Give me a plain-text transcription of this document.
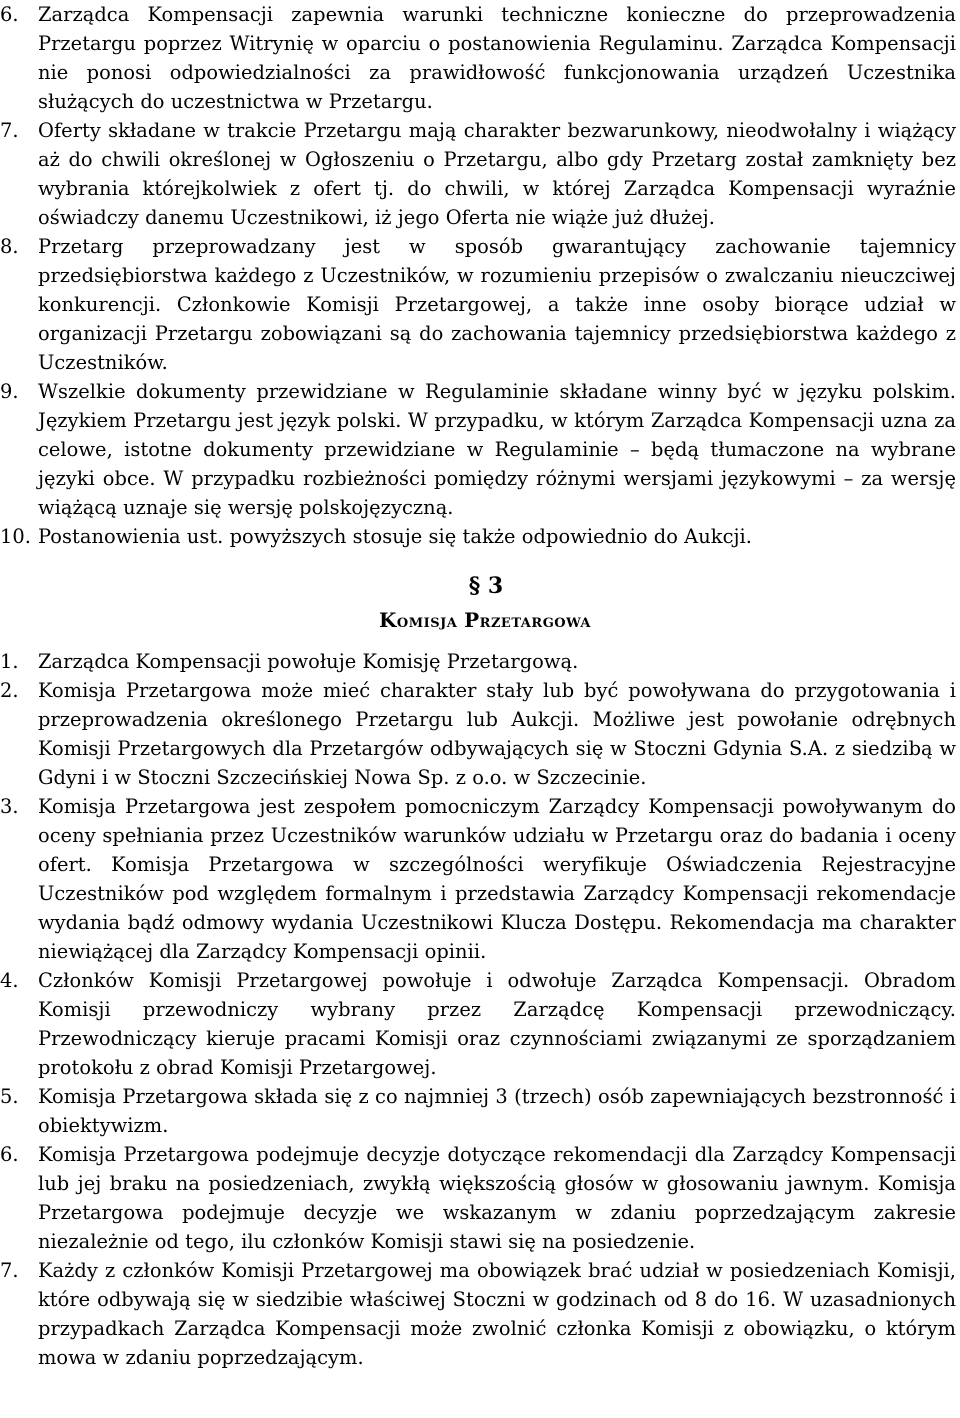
6. Zarządca Kompensacji zapewnia warunki techniczne konieczne do przeprowadzenia Przetargu poprzez Witrynię w oparciu o postanowienia Regulaminu. Zarządca Kompensacji nie ponosi odpowiedzialności za prawidłowość funkcjonowania urządzeń Uczestnika służących do uczestnictwa w Przetargu.
7. Oferty składane w trakcie Przetargu mają charakter bezwarunkowy, nieodwołalny i wiążący aż do chwili określonej w Ogłoszeniu o Przetargu, albo gdy Przetarg został zamknięty bez wybrania którejkolwiek z ofert tj. do chwili, w której Zarządca Kompensacji wyraźnie oświadczy danemu Uczestnikowi, iż jego Oferta nie wiąże już dłużej.
8. Przetarg przeprowadzany jest w sposób gwarantujący zachowanie tajemnicy przedsiębiorstwa każdego z Uczestników, w rozumieniu przepisów o zwalczaniu nieuczciwej konkurencji. Członkowie Komisji Przetargowej, a także inne osoby biorące udział w organizacji Przetargu zobowiązani są do zachowania tajemnicy przedsiębiorstwa każdego z Uczestników.
9. Wszelkie dokumenty przewidziane w Regulaminie składane winny być w języku polskim. Językiem Przetargu jest język polski. W przypadku, w którym Zarządca Kompensacji uzna za celowe, istotne dokumenty przewidziane w Regulaminie – będą tłumaczone na wybrane języki obce. W przypadku rozbieżności pomiędzy różnymi wersjami językowymi – za wersję wiążącą uznaje się wersję polskojęzyczną.
10. Postanowienia ust. powyższych stosuje się także odpowiednio do Aukcji.
§ 3
Komisja Przetargowa
1. Zarządca Kompensacji powołuje Komisję Przetargową.
2. Komisja Przetargowa może mieć charakter stały lub być powoływana do przygotowania i przeprowadzenia określonego Przetargu lub Aukcji. Możliwe jest powołanie odrębnych Komisji Przetargowych dla Przetargów odbywających się w Stoczni Gdynia S.A. z siedzibą w Gdyni i w Stoczni Szczecińskiej Nowa Sp. z o.o. w Szczecinie.
3. Komisja Przetargowa jest zespołem pomocniczym Zarządcy Kompensacji powoływanym do oceny spełniania przez Uczestników warunków udziału w Przetargu oraz do badania i oceny ofert. Komisja Przetargowa w szczególności weryfikuje Oświadczenia Rejestracyjne Uczestników pod względem formalnym i przedstawia Zarządcy Kompensacji rekomendacje wydania bądź odmowy wydania Uczestnikowi Klucza Dostępu. Rekomendacja ma charakter niewiążącej dla Zarządcy Kompensacji opinii.
4. Członków Komisji Przetargowej powołuje i odwołuje Zarządca Kompensacji. Obradom Komisji przewodniczy wybrany przez Zarządcę Kompensacji przewodniczący. Przewodniczący kieruje pracami Komisji oraz czynnościami związanymi ze sporządzaniem protokołu z obrad Komisji Przetargowej.
5. Komisja Przetargowa składa się z co najmniej 3 (trzech) osób zapewniających bezstronność i obiektywizm.
6. Komisja Przetargowa podejmuje decyzje dotyczące rekomendacji dla Zarządcy Kompensacji lub jej braku na posiedzeniach, zwykłą większością głosów w głosowaniu jawnym. Komisja Przetargowa podejmuje decyzje we wskazanym w zdaniu poprzedzającym zakresie niezależnie od tego, ilu członków Komisji stawi się na posiedzenie.
7. Każdy z członków Komisji Przetargowej ma obowiązek brać udział w posiedzeniach Komisji, które odbywają się w siedzibie właściwej Stoczni w godzinach od 8 do 16. W uzasadnionych przypadkach Zarządca Kompensacji może zwolnić członka Komisji z obowiązku, o którym mowa w zdaniu poprzedzającym.
